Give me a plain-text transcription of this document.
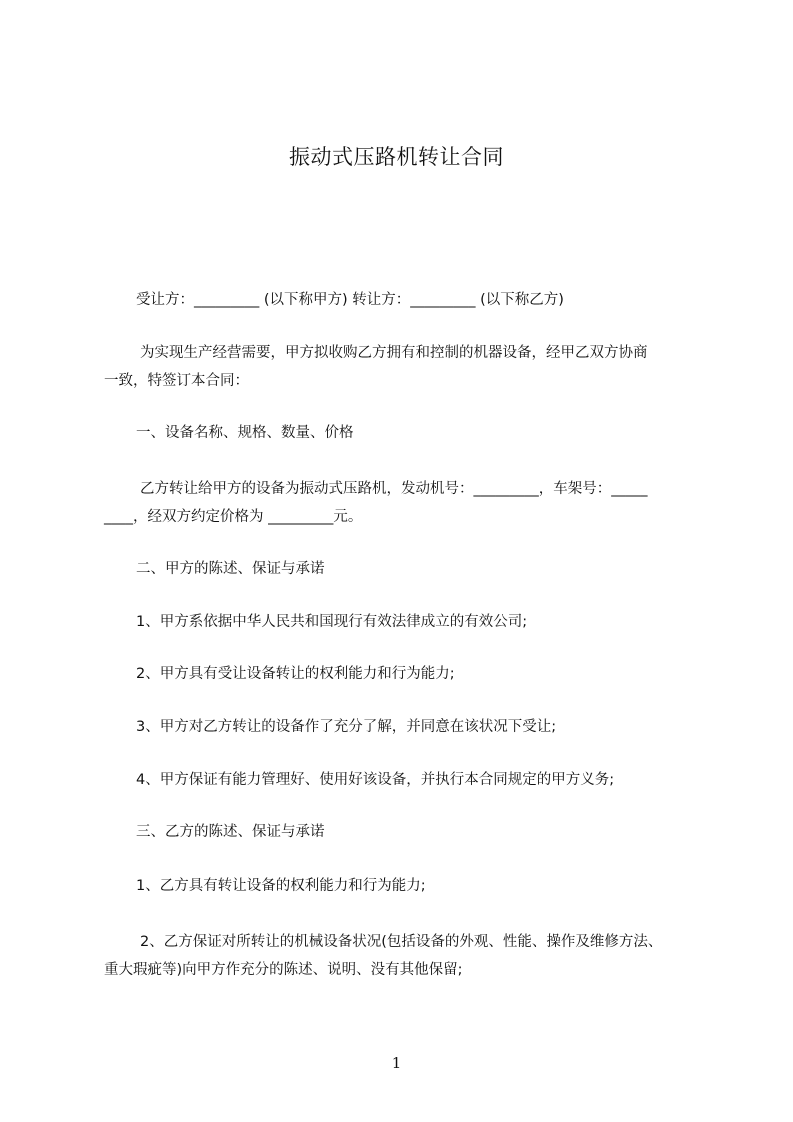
振动式压路机转让合同
受让方：_________ (以下称甲方) 转让方：_________ (以下称乙方)
为实现生产经营需要，甲方拟收购乙方拥有和控制的机器设备，经甲乙双方协商
一致，特签订本合同：
一、设备名称、规格、数量、价格
乙方转让给甲方的设备为振动式压路机，发动机号：_________，车架号：_____
____，经双方约定价格为 _________元。
二、甲方的陈述、保证与承诺
1、甲方系依据中华人民共和国现行有效法律成立的有效公司;
2、甲方具有受让设备转让的权利能力和行为能力;
3、甲方对乙方转让的设备作了充分了解，并同意在该状况下受让;
4、甲方保证有能力管理好、使用好该设备，并执行本合同规定的甲方义务;
三、乙方的陈述、保证与承诺
1、乙方具有转让设备的权利能力和行为能力;
2、乙方保证对所转让的机械设备状况(包括设备的外观、性能、操作及维修方法、
重大瑕疵等)向甲方作充分的陈述、说明、没有其他保留;
1
